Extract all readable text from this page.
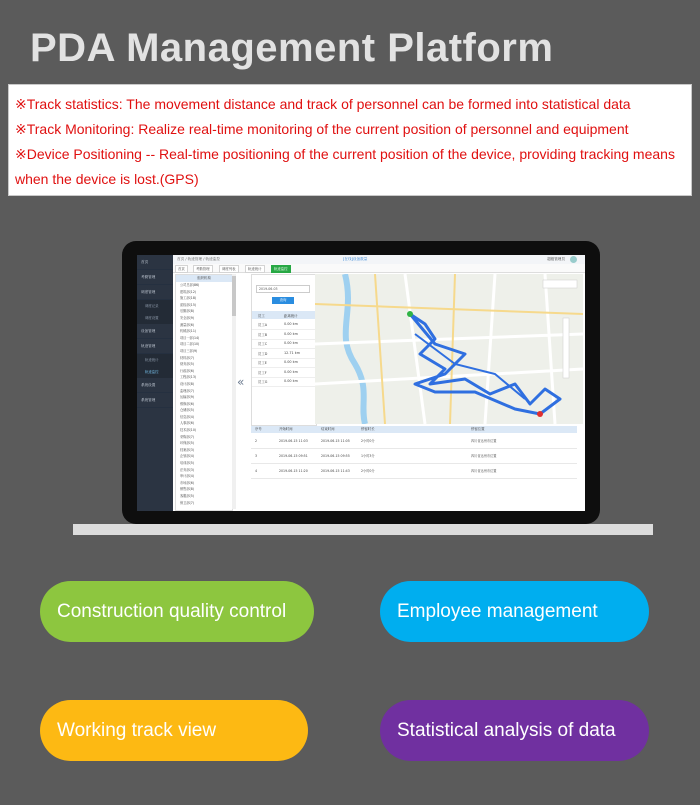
PDA Management Platform
※Track statistics: The movement distance and track of personnel can be formed into statistical data
※Track Monitoring: Realize real-time monitoring of the current position of personnel and equipment
※Device Positioning -- Real-time positioning of the current position of the device, providing tracking means when the device is lost.(GPS)
首页
考勤管理
调度管理
调度记录
调度设置
设备管理
轨迹管理
轨迹统计
轨迹监控
系统设置
系统管理
首页 / 轨迹管理 / 轨迹监控	[在线]设备数量	超级管理员
首页	考勤管理	调度列表	轨迹统计	轨迹监控
组织机构
公司总部(86)
建筑部(12)
施工部(18)
质检部(15)
后勤部(8)
安全部(9)
测量部(6)
机械部(11)
项目一部(14)
项目二部(10)
项目三部(9)
材料部(7)
财务部(5)
行政部(6)
工程部(13)
设计部(8)
监理部(7)
运输部(9)
维修部(6)
仓储部(5)
信息部(4)
人事部(6)
技术部(10)
采购部(7)
环保部(5)
档案部(3)
企划部(4)
培训部(5)
法务部(3)
审计部(4)
市场部(6)
销售部(8)
客服部(5)
保卫部(7)
«
2019-06-03
查询
员工	距离统计
员工A	0.00 km
员工B	0.00 km
员工C	0.00 km
员工D	12.71 km
员工E	0.00 km
员工F	0.00 km
员工G	0.00 km
序号	开始时间	结束时间	停留时长	停留位置
2	2019-06-15 11:03	2019-06-15 11:05	2小时0分	四川省达州市位置
3	2019-06-15 09:51	2019-06-15 09:55	1小时3分	四川省达州市位置
4	2019-06-15 11:20	2019-06-15 11:43	2小时0分	四川省达州市位置
Construction quality control	Employee management
Working track view	Statistical analysis of data
